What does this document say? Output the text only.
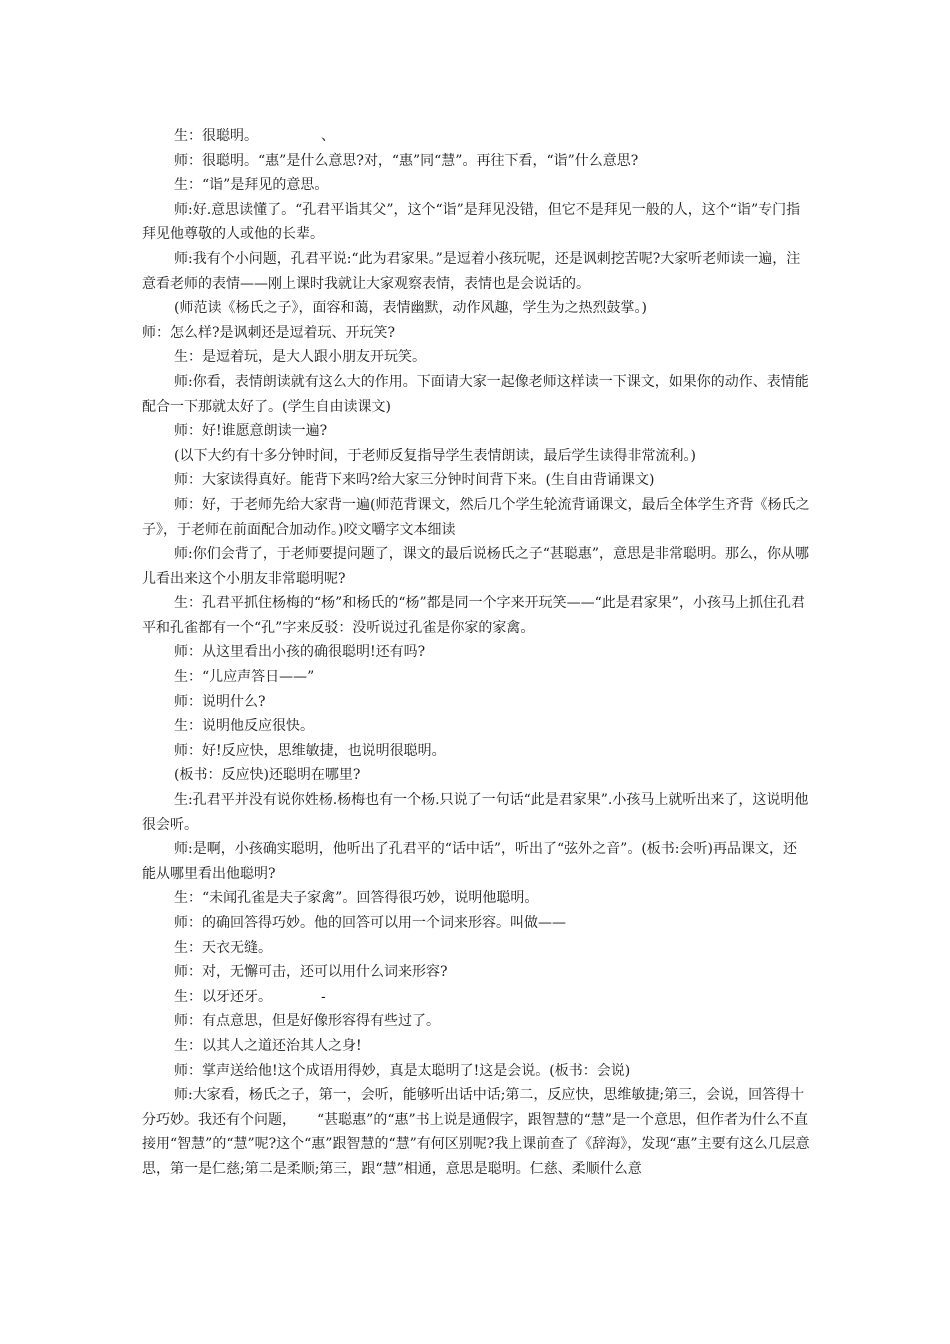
生：很聪明。　　　　　、

师：很聪明。“惠”是什么意思?对，“惠”同“慧”。再往下看，“诣”什么意思?

生：“诣”是拜见的意思。

师:好.意思读懂了。“孔君平诣其父”，这个“诣”是拜见没错，但它不是拜见一般的人，这个“诣”专门指拜见他尊敬的人或他的长辈。

师:我有个小问题，孔君平说:“此为君家果。”是逗着小孩玩呢，还是讽刺挖苦呢?大家听老师读一遍，注意看老师的表情——刚上课时我就让大家观察表情，表情也是会说话的。

(师范读《杨氏之子》，面容和蔼，表情幽默，动作风趣，学生为之热烈鼓掌。)

师：怎么样?是讽刺还是逗着玩、开玩笑?

生：是逗着玩，是大人跟小朋友开玩笑。

师:你看，表情朗读就有这么大的作用。下面请大家一起像老师这样读一下课文，如果你的动作、表情能配合一下那就太好了。(学生自由读课文)

师：好!谁愿意朗读一遍?

(以下大约有十多分钟时间，于老师反复指导学生表情朗读，最后学生读得非常流利。)

师：大家读得真好。能背下来吗?给大家三分钟时间背下来。(生自由背诵课文)

师：好，于老师先给大家背一遍(师范背课文，然后几个学生轮流背诵课文，最后全体学生齐背《杨氏之子》，于老师在前面配合加动作。)咬文嚼字文本细读

师:你们会背了，于老师要提问题了，课文的最后说杨氏之子“甚聪惠”，意思是非常聪明。那么，你从哪儿看出来这个小朋友非常聪明呢?

生：孔君平抓住杨梅的“杨”和杨氏的“杨”都是同一个字来开玩笑——“此是君家果”，小孩马上抓住孔君平和孔雀都有一个“孔”字来反驳：没听说过孔雀是你家的家禽。

师：从这里看出小孩的确很聪明!还有吗?

生：“儿应声答日——”

师：说明什么?

生：说明他反应很快。

师：好!反应快，思维敏捷，也说明很聪明。

(板书：反应快)还聪明在哪里?

生:孔君平并没有说你姓杨.杨梅也有一个杨.只说了一句话“此是君家果”.小孩马上就听出来了，这说明他很会听。

师:是啊，小孩确实聪明，他听出了孔君平的“话中话”，听出了“弦外之音”。(板书:会听)再品课文，还能从哪里看出他聪明?

生：“未闻孔雀是夫子家禽”。回答得很巧妙，说明他聪明。

师：的确回答得巧妙。他的回答可以用一个词来形容。叫做——

生：天衣无缝。

师：对，无懈可击，还可以用什么词来形容?

生：以牙还牙。　　　　-

师：有点意思，但是好像形容得有些过了。

生：以其人之道还治其人之身!

师：掌声送给他!这个成语用得妙，真是太聪明了!这是会说。(板书：会说)

师:大家看，杨氏之子，第一，会听，能够听出话中话;第二，反应快，思维敏捷;第三，会说，回答得十分巧妙。我还有个问题，　　“甚聪惠”的“惠”书上说是通假字，跟智慧的“慧”是一个意思，但作者为什么不直接用“智慧”的“慧”呢?这个“惠”跟智慧的“慧”有何区别呢?我上课前查了《辞海》，发现“惠”主要有这么几层意思，第一是仁慈;第二是柔顺;第三，跟“慧”相通，意思是聪明。仁慈、柔顺什么意
